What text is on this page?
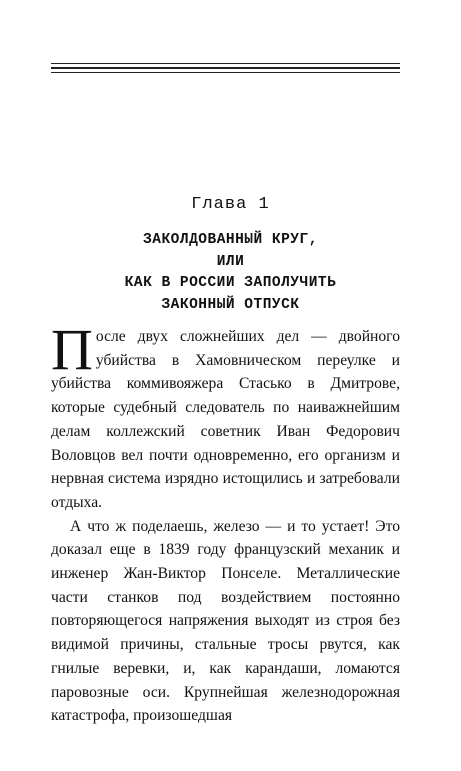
Глава 1
ЗАКОЛДОВАННЫЙ КРУГ,
ИЛИ
КАК В РОССИИ ЗАПОЛУЧИТЬ
ЗАКОННЫЙ ОТПУСК

После двух сложнейших дел — двойного убийства в Хамовническом переулке и убийства коммивояжера Стасько в Дмитрове, которые судебный следователь по наиважнейшим делам коллежский советник Иван Федорович Воловцов вел почти одновременно, его организм и нервная система изрядно истощились и затребовали отдыха.

А что ж поделаешь, железо — и то устает! Это доказал еще в 1839 году французский механик и инженер Жан-Виктор Понселе. Металлические части станков под воздействием постоянно повторяющегося напряжения выходят из строя без видимой причины, стальные тросы рвутся, как гнилые веревки, и, как карандаши, ломаются паровозные оси. Крупнейшая железнодорожная катастрофа, произошедшая
